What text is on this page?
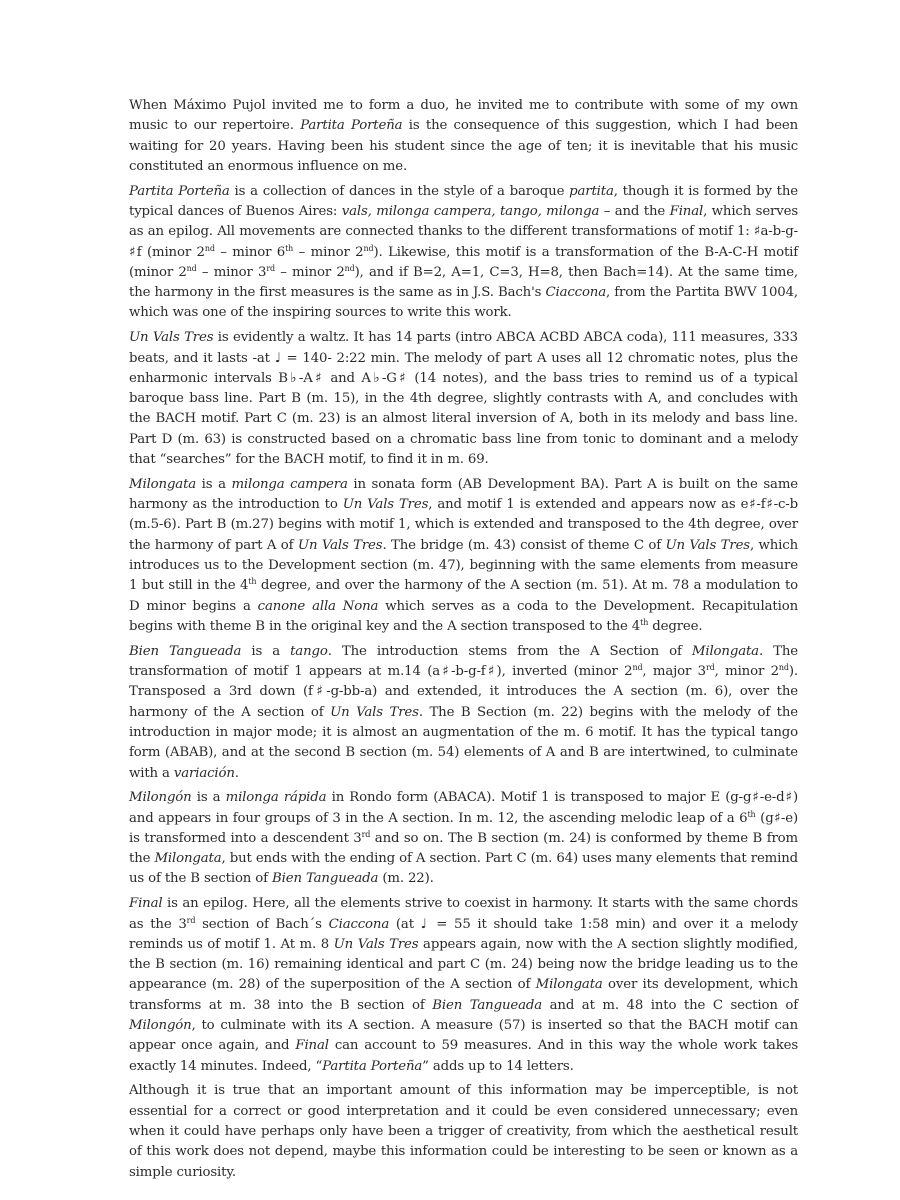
When Máximo Pujol invited me to form a duo, he invited me to contribute with some of my own music to our repertoire. Partita Porteña is the consequence of this suggestion, which I had been waiting for 20 years. Having been his student since the age of ten; it is inevitable that his music constituted an enormous influence on me.

Partita Porteña is a collection of dances in the style of a baroque partita, though it is formed by the typical dances of Buenos Aires: vals, milonga campera, tango, milonga – and the Final, which serves as an epilog. All movements are connected thanks to the different transformations of motif 1: ♯a-b-g-♯f (minor 2nd – minor 6th – minor 2nd). Likewise, this motif is a transformation of the B-A-C-H motif (minor 2nd – minor 3rd – minor 2nd), and if B=2, A=1, C=3, H=8, then Bach=14). At the same time, the harmony in the first measures is the same as in J.S. Bach's Ciaccona, from the Partita BWV 1004, which was one of the inspiring sources to write this work.

Un Vals Tres is evidently a waltz. It has 14 parts (intro ABCA ACBD ABCA coda), 111 measures, 333 beats, and it lasts -at ♩ = 140- 2:22 min. The melody of part A uses all 12 chromatic notes, plus the enharmonic intervals B♭-A♯ and A♭-G♯ (14 notes), and the bass tries to remind us of a typical baroque bass line. Part B (m. 15), in the 4th degree, slightly contrasts with A, and concludes with the BACH motif. Part C (m. 23) is an almost literal inversion of A, both in its melody and bass line. Part D (m. 63) is constructed based on a chromatic bass line from tonic to dominant and a melody that “searches” for the BACH motif, to find it in m. 69.

Milongata is a milonga campera in sonata form (AB Development BA). Part A is built on the same harmony as the introduction to Un Vals Tres, and motif 1 is extended and appears now as e♯-f♯-c-b (m.5-6). Part B (m.27) begins with motif 1, which is extended and transposed to the 4th degree, over the harmony of part A of Un Vals Tres. The bridge (m. 43) consist of theme C of Un Vals Tres, which introduces us to the Development section (m. 47), beginning with the same elements from measure 1 but still in the 4th degree, and over the harmony of the A section (m. 51). At m. 78 a modulation to D minor begins a canone alla Nona which serves as a coda to the Development. Recapitulation begins with theme B in the original key and the A section transposed to the 4th degree.

Bien Tangueada is a tango. The introduction stems from the A Section of Milongata. The transformation of motif 1 appears at m.14 (a♯-b-g-f♯), inverted (minor 2nd, major 3rd, minor 2nd). Transposed a 3rd down (f♯-g-bb-a) and extended, it introduces the A section (m. 6), over the harmony of the A section of Un Vals Tres. The B Section (m. 22) begins with the melody of the introduction in major mode; it is almost an augmentation of the m. 6 motif. It has the typical tango form (ABAB), and at the second B section (m. 54) elements of A and B are intertwined, to culminate with a variación.

Milongón is a milonga rápida in Rondo form (ABACA). Motif 1 is transposed to major E (g-g♯-e-d♯) and appears in four groups of 3 in the A section. In m. 12, the ascending melodic leap of a 6th (g♯-e) is transformed into a descendent 3rd and so on. The B section (m. 24) is conformed by theme B from the Milongata, but ends with the ending of A section. Part C (m. 64) uses many elements that remind us of the B section of Bien Tangueada (m. 22).

Final is an epilog. Here, all the elements strive to coexist in harmony. It starts with the same chords as the 3rd section of Bach´s Ciaccona (at ♩ = 55 it should take 1:58 min) and over it a melody reminds us of motif 1. At m. 8 Un Vals Tres appears again, now with the A section slightly modified, the B section (m. 16) remaining identical and part C (m. 24) being now the bridge leading us to the appearance (m. 28) of the superposition of the A section of Milongata over its development, which transforms at m. 38 into the B section of Bien Tangueada and at m. 48 into the C section of Milongón, to culminate with its A section. A measure (57) is inserted so that the BACH motif can appear once again, and Final can account to 59 measures. And in this way the whole work takes exactly 14 minutes. Indeed, “Partita Porteña” adds up to 14 letters.

Although it is true that an important amount of this information may be imperceptible, is not essential for a correct or good interpretation and it could be even considered unnecessary; even when it could have perhaps only have been a trigger of creativity, from which the aesthetical result of this work does not depend, maybe this information could be interesting to be seen or known as a simple curiosity.
